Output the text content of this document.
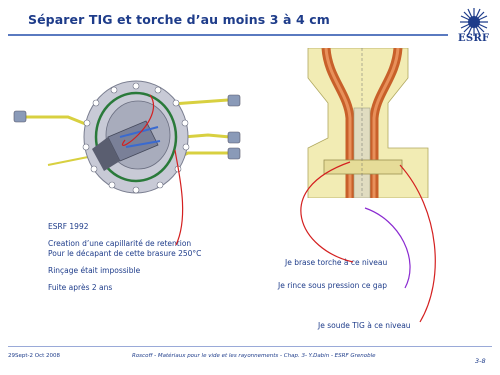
Séparer TIG et torche d’au moins 3 à 4 cm
ESRF
ESRF 1992
Creation d’une capillarité de retention
Pour le décapant de cette brasure 250°C
Rinçage était impossible
Fuite après 2 ans
Je brase torche à ce niveau
Je rince sous pression ce gap
Je soude TIG à ce niveau
29Sept-2 Oct 2008	Roscoff - Matériaux pour le vide et les rayonnements - Chap. 3- Y.Dabin - ESRF Grenoble
3-8
